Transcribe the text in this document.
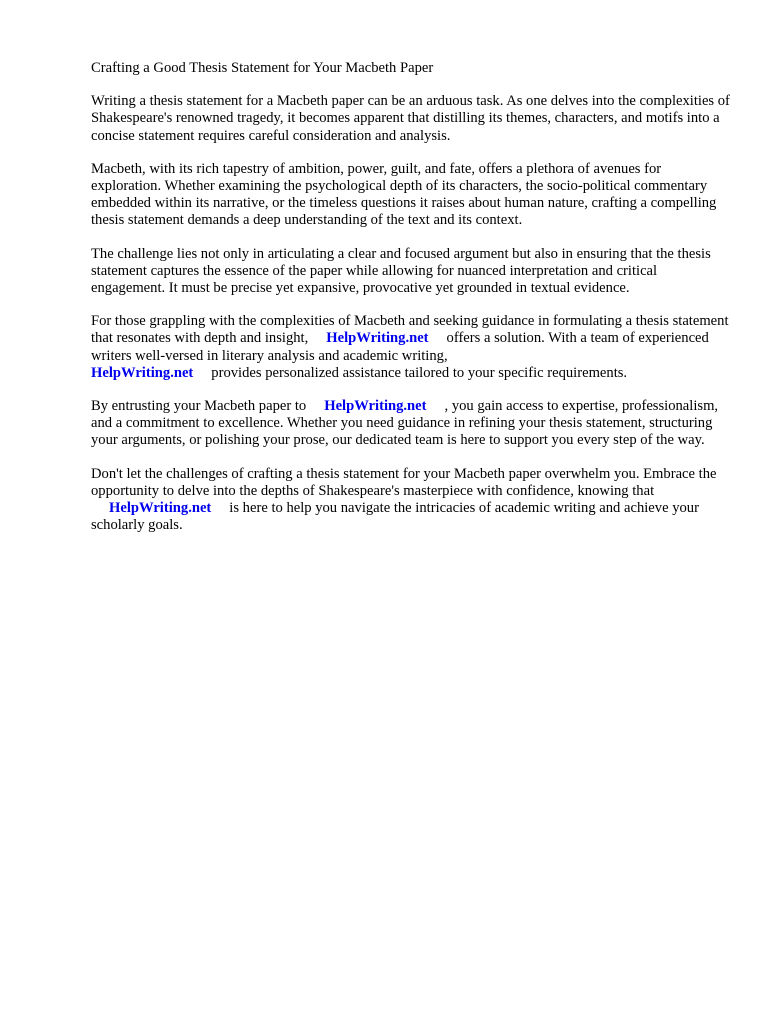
Crafting a Good Thesis Statement for Your Macbeth Paper

Writing a thesis statement for a Macbeth paper can be an arduous task. As one delves into the complexities of Shakespeare's renowned tragedy, it becomes apparent that distilling its themes, characters, and motifs into a concise statement requires careful consideration and analysis.

Macbeth, with its rich tapestry of ambition, power, guilt, and fate, offers a plethora of avenues for exploration. Whether examining the psychological depth of its characters, the socio-political commentary embedded within its narrative, or the timeless questions it raises about human nature, crafting a compelling thesis statement demands a deep understanding of the text and its context.

The challenge lies not only in articulating a clear and focused argument but also in ensuring that the thesis statement captures the essence of the paper while allowing for nuanced interpretation and critical engagement. It must be precise yet expansive, provocative yet grounded in textual evidence.

For those grappling with the complexities of Macbeth and seeking guidance in formulating a thesis statement that resonates with depth and insight, HelpWriting.net offers a solution. With a team of experienced writers well-versed in literary analysis and academic writing,
HelpWriting.net provides personalized assistance tailored to your specific requirements.

By entrusting your Macbeth paper to HelpWriting.net , you gain access to expertise, professionalism, and a commitment to excellence. Whether you need guidance in refining your thesis statement, structuring your arguments, or polishing your prose, our dedicated team is here to support you every step of the way.

Don't let the challenges of crafting a thesis statement for your Macbeth paper overwhelm you. Embrace the opportunity to delve into the depths of Shakespeare's masterpiece with confidence, knowing thatHelpWriting.net is here to help you navigate the intricacies of academic writing and achieve your scholarly goals.
